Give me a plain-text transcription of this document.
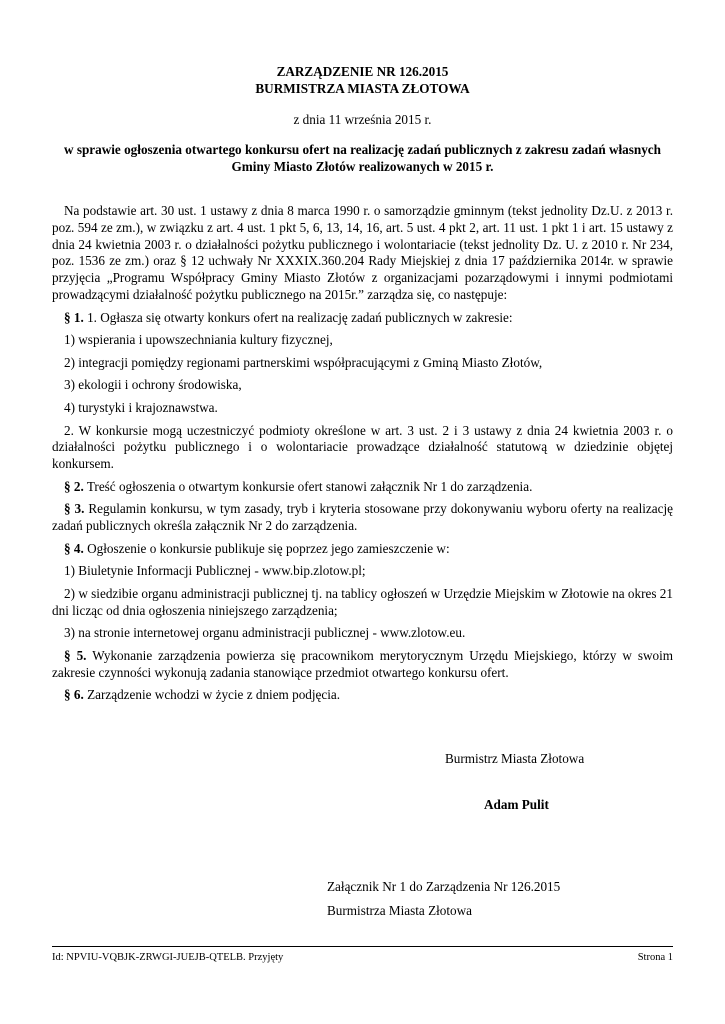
ZARZĄDZENIE NR 126.2015

BURMISTRZA MIASTA ZŁOTOWA

z dnia 11 września 2015 r.

w sprawie ogłoszenia otwartego konkursu ofert na realizację zadań publicznych z zakresu zadań własnych Gminy Miasto Złotów realizowanych w 2015 r.

Na podstawie art. 30 ust. 1 ustawy z dnia 8 marca 1990 r. o samorządzie gminnym (tekst jednolity Dz.U. z 2013 r. poz. 594 ze zm.), w związku z art. 4 ust. 1 pkt 5, 6, 13, 14, 16, art. 5 ust. 4 pkt 2, art. 11 ust. 1 pkt 1 i art. 15 ustawy z dnia 24 kwietnia 2003 r. o działalności pożytku publicznego i wolontariacie (tekst jednolity Dz. U. z 2010 r. Nr 234, poz. 1536 ze zm.) oraz § 12 uchwały Nr XXXIX.360.204 Rady Miejskiej z dnia 17 października 2014r. w sprawie przyjęcia „Programu Współpracy Gminy Miasto Złotów z organizacjami pozarządowymi i innymi podmiotami prowadzącymi działalność pożytku publicznego na 2015r.” zarządza się, co następuje:

§ 1. 1. Ogłasza się otwarty konkurs ofert na realizację zadań publicznych w zakresie:

1) wspierania i upowszechniania kultury fizycznej,

2) integracji pomiędzy regionami partnerskimi współpracującymi z Gminą Miasto Złotów,

3) ekologii i ochrony środowiska,

4) turystyki i krajoznawstwa.

2. W konkursie mogą uczestniczyć podmioty określone w art. 3 ust. 2 i 3 ustawy z dnia 24 kwietnia 2003 r. o działalności pożytku publicznego i o wolontariacie prowadzące działalność statutową w dziedzinie objętej konkursem.

§ 2. Treść ogłoszenia o otwartym konkursie ofert stanowi załącznik Nr 1 do zarządzenia.

§ 3. Regulamin konkursu, w tym zasady, tryb i kryteria stosowane przy dokonywaniu wyboru oferty na realizację zadań publicznych określa załącznik Nr 2 do zarządzenia.

§ 4. Ogłoszenie o konkursie publikuje się poprzez jego zamieszczenie w:

1) Biuletynie Informacji Publicznej - www.bip.zlotow.pl;

2) w siedzibie organu administracji publicznej tj. na tablicy ogłoszeń w Urzędzie Miejskim w Złotowie na okres 21 dni licząc od dnia ogłoszenia niniejszego zarządzenia;

3) na stronie internetowej organu administracji publicznej - www.zlotow.eu.

§ 5. Wykonanie zarządzenia powierza się pracownikom merytorycznym Urzędu Miejskiego, którzy w swoim zakresie czynności wykonują zadania stanowiące przedmiot otwartego konkursu ofert.

§ 6. Zarządzenie wchodzi w życie z dniem podjęcia.

Burmistrz Miasta Złotowa
Adam Pulit
Załącznik Nr 1 do Zarządzenia Nr 126.2015
Burmistrza Miasta Złotowa
Id: NPVIU-VQBJK-ZRWGI-JUEJB-QTELB. Przyjęty	Strona 1
